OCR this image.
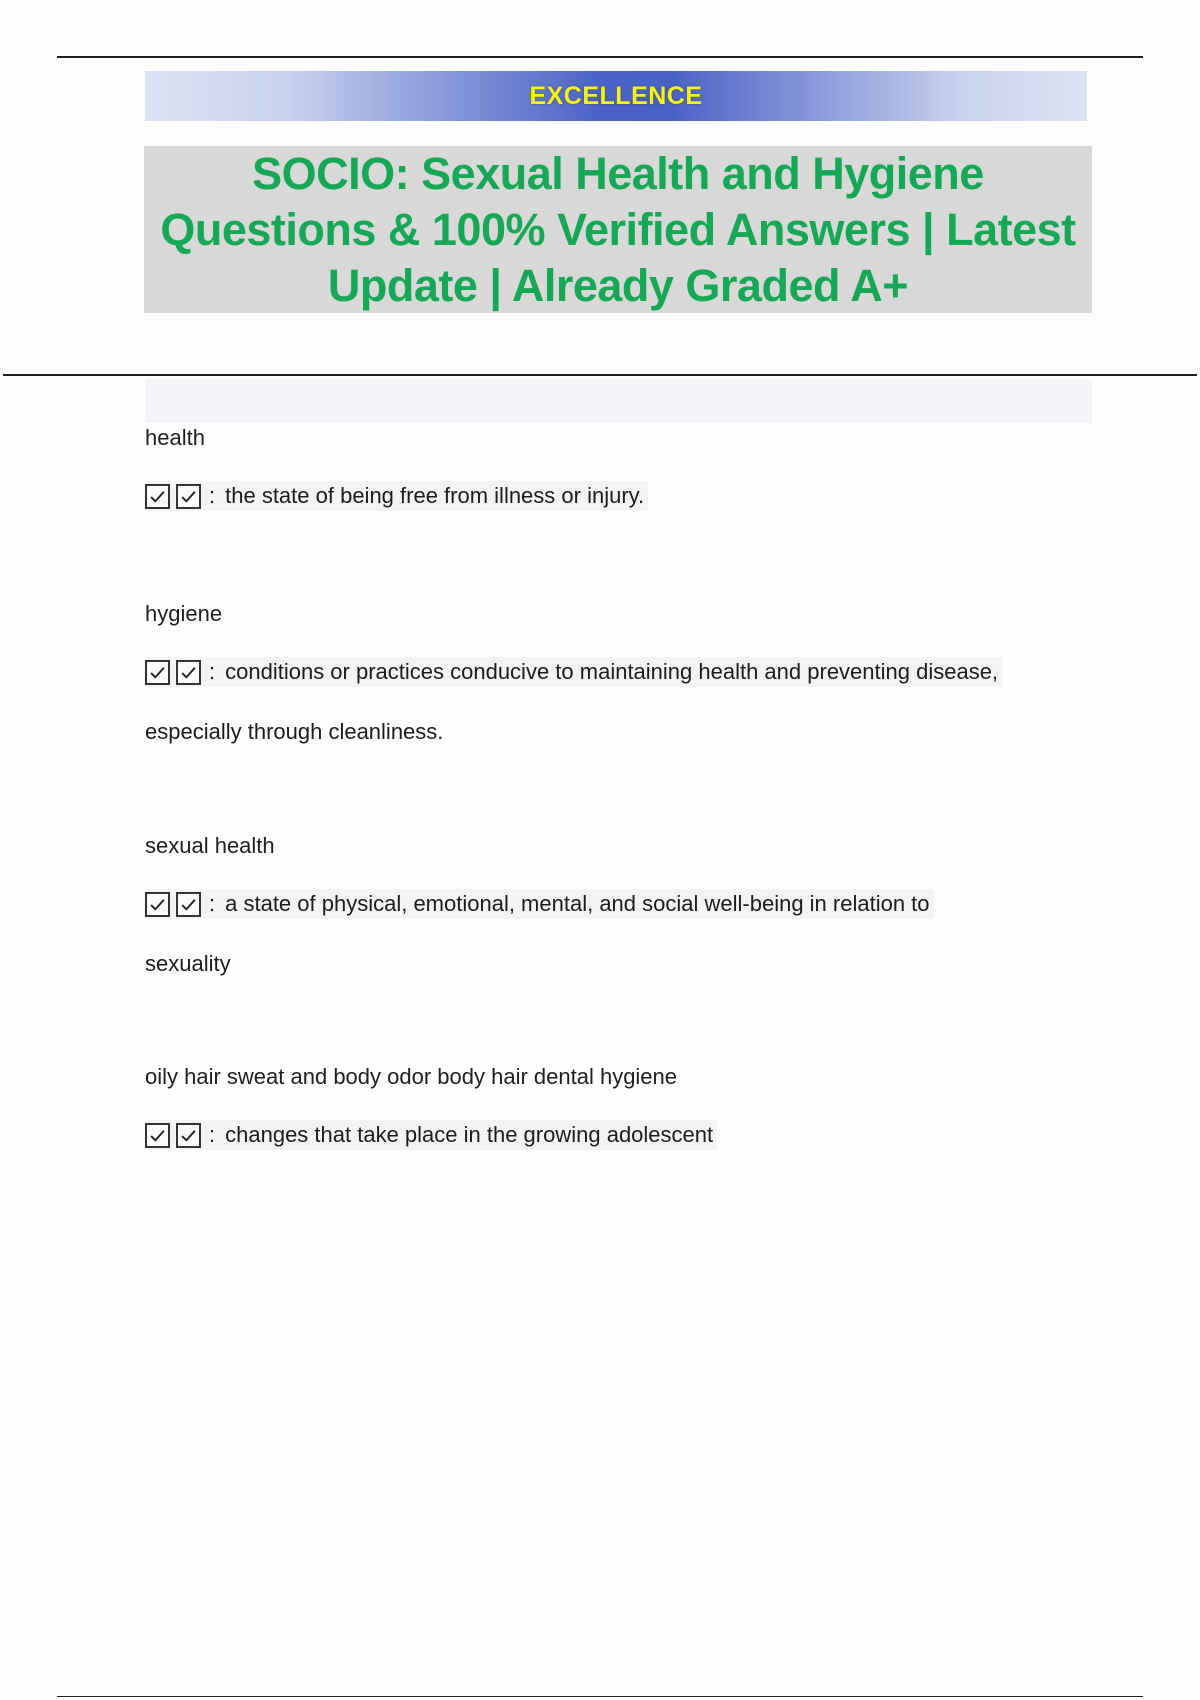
EXCELLENCE
SOCIO: Sexual Health and Hygiene
Questions & 100% Verified Answers | Latest
Update | Already Graded A+

health

: the state of being free from illness or injury.

hygiene

: conditions or practices conducive to maintaining health and preventing disease,

especially through cleanliness.

sexual health

: a state of physical, emotional, mental, and social well-being in relation to

sexuality

oily hair sweat and body odor body hair dental hygiene

: changes that take place in the growing adolescent
